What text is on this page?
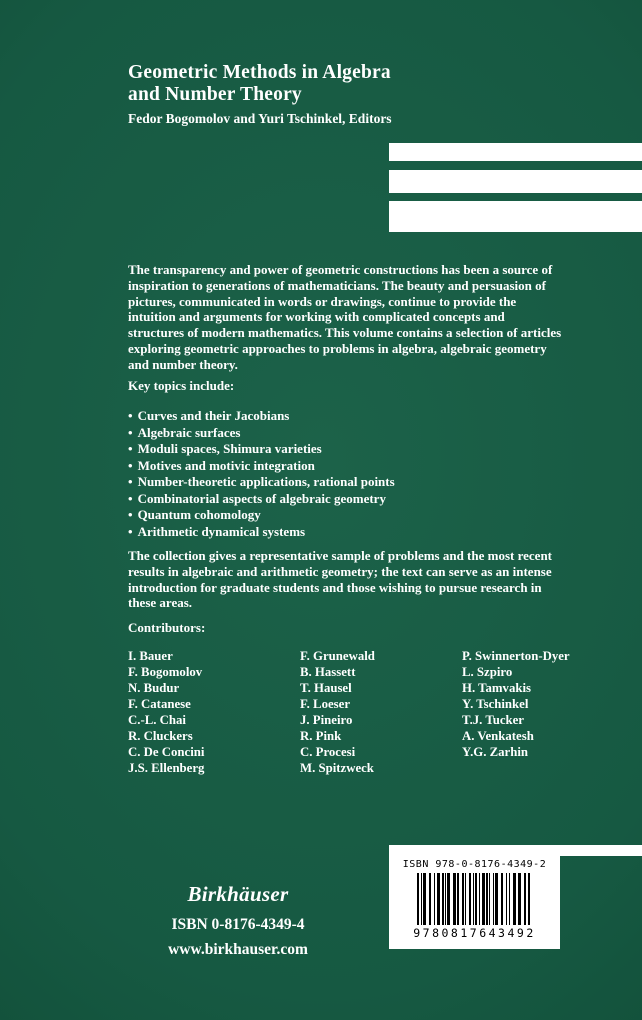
Geometric Methods in Algebra
and Number Theory
Fedor Bogomolov and Yuri Tschinkel, Editors
The transparency and power of geometric constructions has been a source of inspiration to generations of mathematicians. The beauty and persuasion of pictures, communicated in words or drawings, continue to provide the intuition and arguments for working with complicated concepts and structures of modern mathematics. This volume contains a selection of articles exploring geometric approaches to problems in algebra, algebraic geometry and number theory.
Key topics include:
• Curves and their Jacobians
• Algebraic surfaces
• Moduli spaces, Shimura varieties
• Motives and motivic integration
• Number-theoretic applications, rational points
• Combinatorial aspects of algebraic geometry
• Quantum cohomology
• Arithmetic dynamical systems
The collection gives a representative sample of problems and the most recent results in algebraic and arithmetic geometry; the text can serve as an intense introduction for graduate students and those wishing to pursue research in these areas.
Contributors:
I. Bauer
F. Bogomolov
N. Budur
F. Catanese
C.-L. Chai
R. Cluckers
C. De Concini
J.S. Ellenberg
F. Grunewald
B. Hassett
T. Hausel
F. Loeser
J. Pineiro
R. Pink
C. Procesi
M. Spitzweck
P. Swinnerton-Dyer
L. Szpiro
H. Tamvakis
Y. Tschinkel
T.J. Tucker
A. Venkatesh
Y.G. Zarhin
Birkhäuser
ISBN 0-8176-4349-4
www.birkhauser.com
ISBN 978-0-8176-4349-2
9780817643492
